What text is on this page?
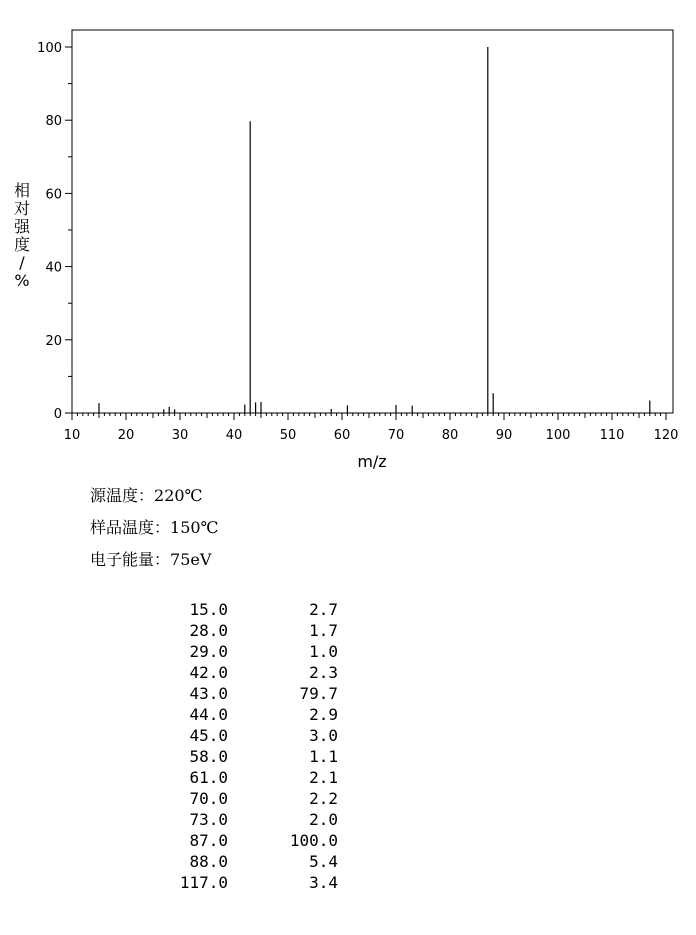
10	20	30	40	50	60	70	80	90	100 110 120
0
20
40
60
80
100
m/z
相对强度/ %
源温度：220℃
样品温度：150℃
电子能量：75eV
15.0	2.7
28.0	1.7
29.0	1.0
42.0	2.3
43.0	79.7
44.0	2.9
45.0	3.0
58.0	1.1
61.0	2.1
70.0	2.2
73.0	2.0
87.0	100.0
88.0	5.4
117.0	3.4
